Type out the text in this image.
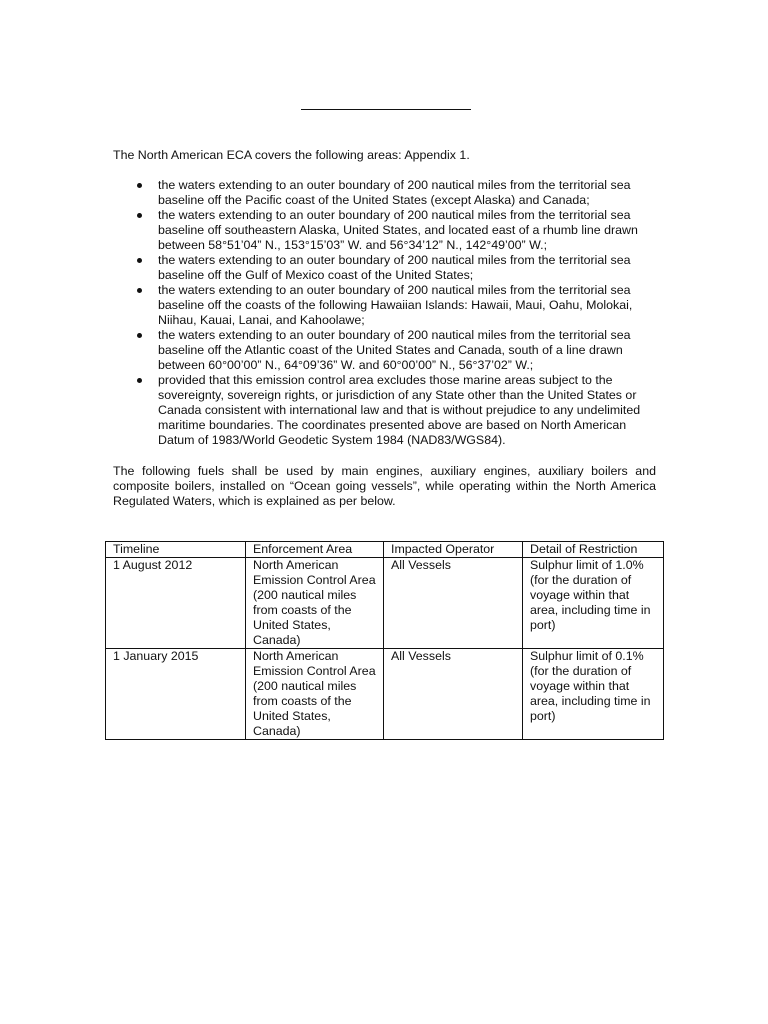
The North American ECA covers the following areas: Appendix 1.

the waters extending to an outer boundary of 200 nautical miles from the territorial sea baseline off the Pacific coast of the United States (except Alaska) and Canada;
the waters extending to an outer boundary of 200 nautical miles from the territorial sea baseline off southeastern Alaska, United States, and located east of a rhumb line drawn between 58°51’04” N., 153°15’03” W. and 56°34’12” N., 142°49’00” W.;
the waters extending to an outer boundary of 200 nautical miles from the territorial sea baseline off the Gulf of Mexico coast of the United States;
the waters extending to an outer boundary of 200 nautical miles from the territorial sea baseline off the coasts of the following Hawaiian Islands: Hawaii, Maui, Oahu, Molokai, Niihau, Kauai, Lanai, and Kahoolawe;
the waters extending to an outer boundary of 200 nautical miles from the territorial sea baseline off the Atlantic coast of the United States and Canada, south of a line drawn between 60°00’00” N., 64°09’36” W. and 60°00’00” N., 56°37’02” W.;
provided that this emission control area excludes those marine areas subject to the sovereignty, sovereign rights, or jurisdiction of any State other than the United States or Canada consistent with international law and that is without prejudice to any undelimited maritime boundaries. The coordinates presented above are based on North American Datum of 1983/World Geodetic System 1984 (NAD83/WGS84).

The following fuels shall be used by main engines, auxiliary engines, auxiliary boilers and composite boilers, installed on “Ocean going vessels”, while operating within the North America Regulated Waters, which is explained as per below.

Timeline	Enforcement Area	Impacted Operator	Detail of Restriction
1 August 2012	North American Emission Control Area (200 nautical miles from coasts of the United States, Canada)	All Vessels	Sulphur limit of 1.0% (for the duration of voyage within that area, including time in port)
1 January 2015	North American Emission Control Area (200 nautical miles from coasts of the United States, Canada)	All Vessels	Sulphur limit of 0.1% (for the duration of voyage within that area, including time in port)
